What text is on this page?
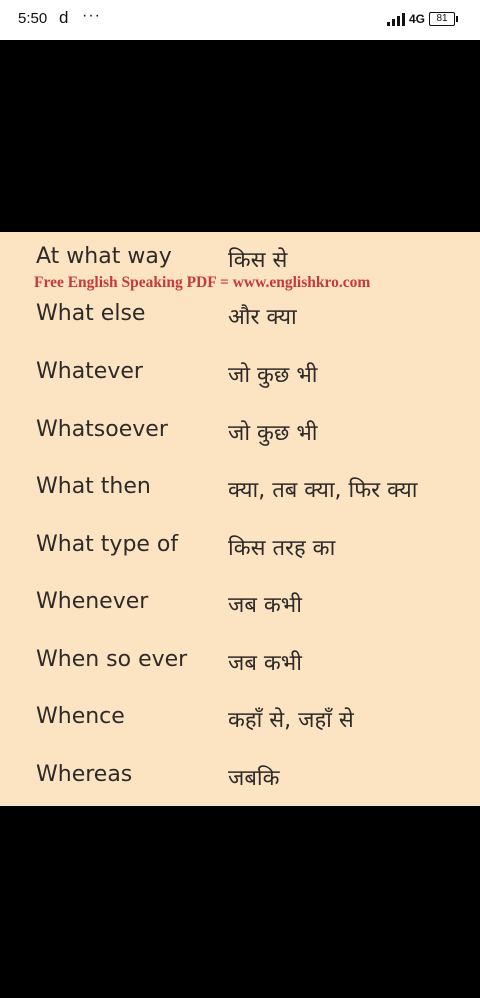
5:50 d ···	4G	81
At what way	किस से
Free English Speaking PDF = www.englishkro.com
What else	और क्या
Whatever	जो कुछ भी
Whatsoever	जो कुछ भी
What then	क्या, तब क्या, फिर क्या
What type of किस तरह का
Whenever	जब कभी
When so ever जब कभी
Whence	कहाँ से, जहाँ से
Whereas	जबकि
